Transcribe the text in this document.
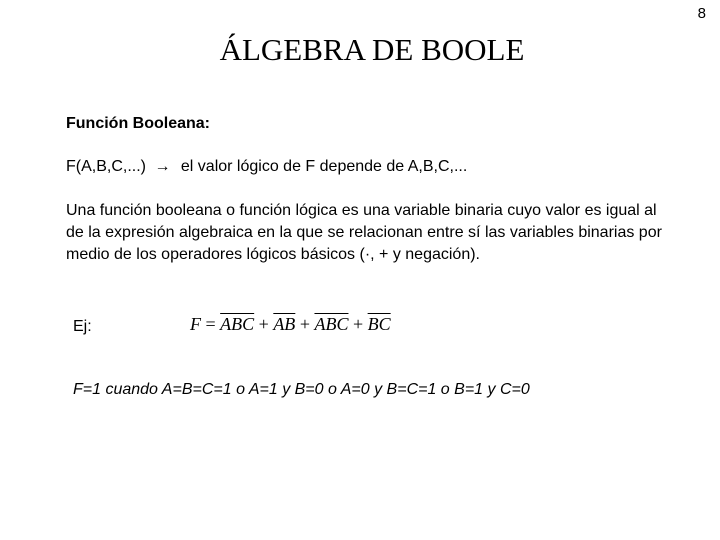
8
ÁLGEBRA DE BOOLE
Función Booleana:
F(A,B,C,...) → el valor lógico de F depende de A,B,C,...
Una función booleana o función lógica es una variable binaria cuyo valor es igual al de la expresión algebraica en la que se relacionan entre sí las variables binarias por medio de los operadores lógicos básicos (·, + y negación).
Ej:	$F = \overline{ABC} + \overline{AB} + \overline{ABC} + \overline{BC}$
F=1 cuando A=B=C=1 o A=1 y B=0 o A=0 y B=C=1 o B=1 y C=0
